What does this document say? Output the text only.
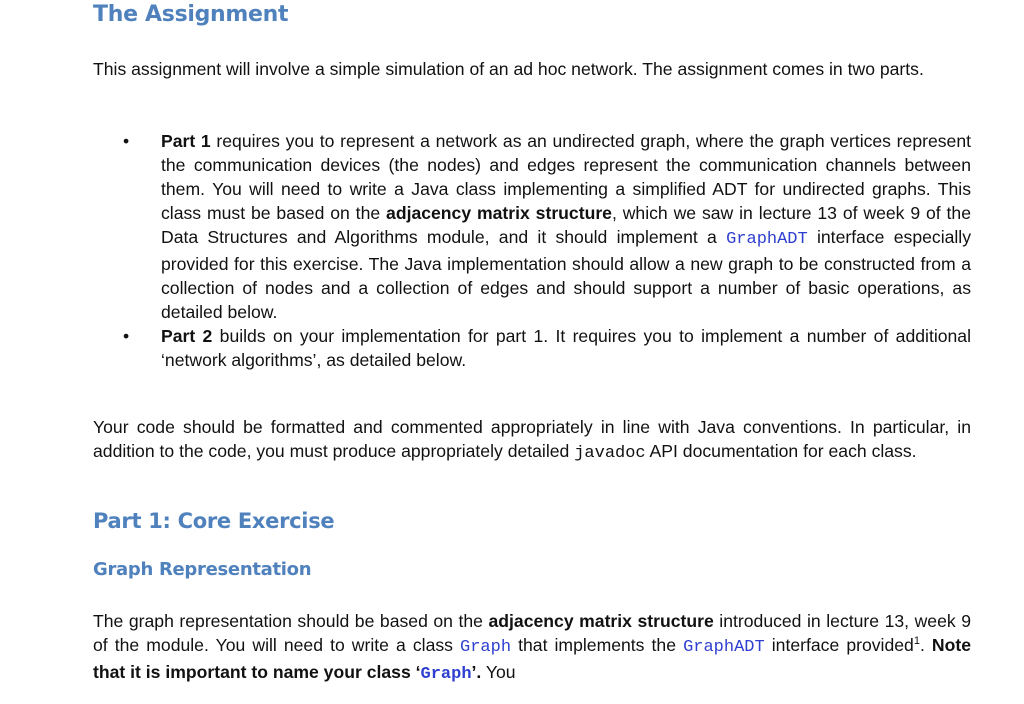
The Assignment
This assignment will involve a simple simulation of an ad hoc network. The assignment comes in two parts.
• Part 1 requires you to represent a network as an undirected graph, where the graph vertices represent the communication devices (the nodes) and edges represent the communication channels between them. You will need to write a Java class implementing a simplified ADT for undirected graphs. This class must be based on the adjacency matrix structure, which we saw in lecture 13 of week 9 of the Data Structures and Algorithms module, and it should implement a GraphADT interface especially provided for this exercise. The Java implementation should allow a new graph to be constructed from a collection of nodes and a collection of edges and should support a number of basic operations, as detailed below.
• Part 2 builds on your implementation for part 1. It requires you to implement a number of additional ‘network algorithms’, as detailed below.
Your code should be formatted and commented appropriately in line with Java conventions. In particular, in addition to the code, you must produce appropriately detailed javadoc API documentation for each class.
Part 1: Core Exercise
Graph Representation
The graph representation should be based on the adjacency matrix structure introduced in lecture 13, week 9 of the module. You will need to write a class Graph that implements the GraphADT interface provided$^1$. Note that it is important to name your class ‘Graph’. You
